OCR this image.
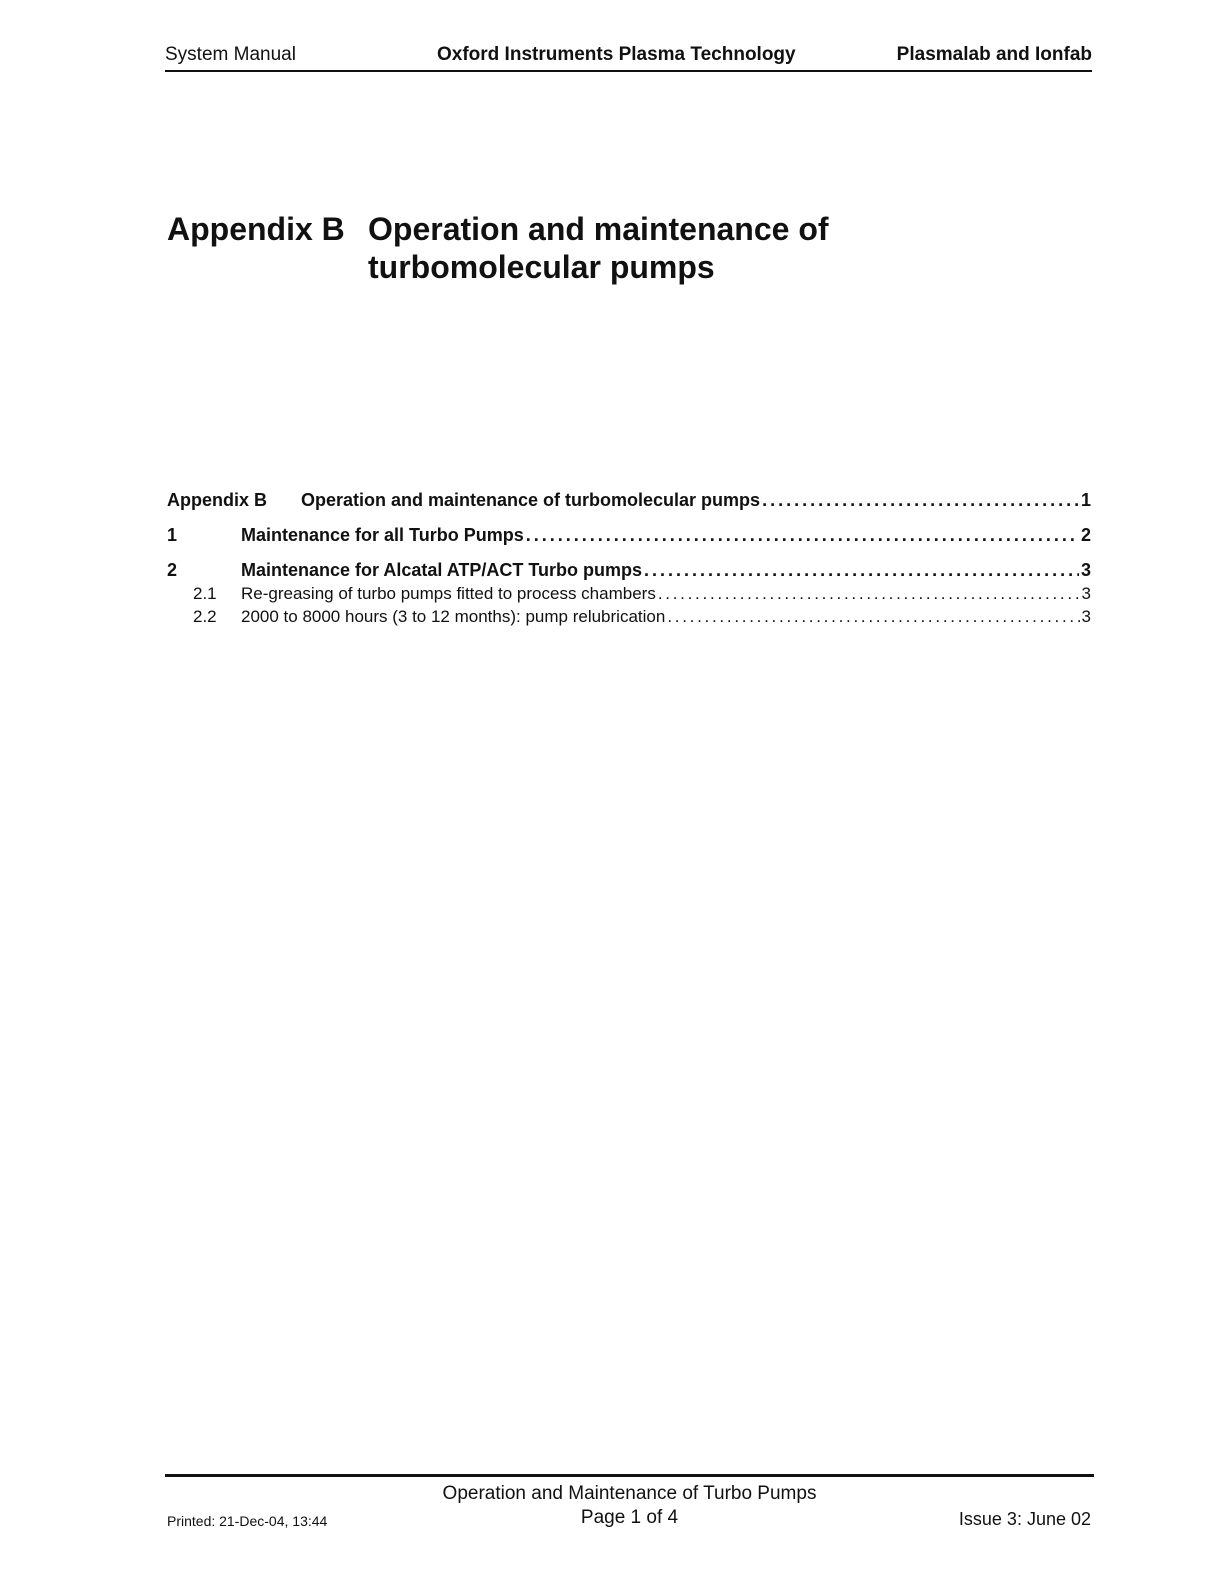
System Manual	Oxford Instruments Plasma Technology	Plasmalab and Ionfab
Appendix B Operation and maintenance of turbomolecular pumps
Appendix B	Operation and maintenance of turbomolecular pumps . . .	1
1	Maintenance for all Turbo Pumps . . .	2
2	Maintenance for Alcatal ATP/ACT Turbo pumps . . .	3
2.1	Re-greasing of turbo pumps fitted to process chambers . . .	3
2.2	2000 to 8000 hours (3 to 12 months): pump relubrication . . .	3
Operation and Maintenance of Turbo Pumps
Page 1 of 4
Printed: 21-Dec-04, 13:44	Issue 3: June 02
